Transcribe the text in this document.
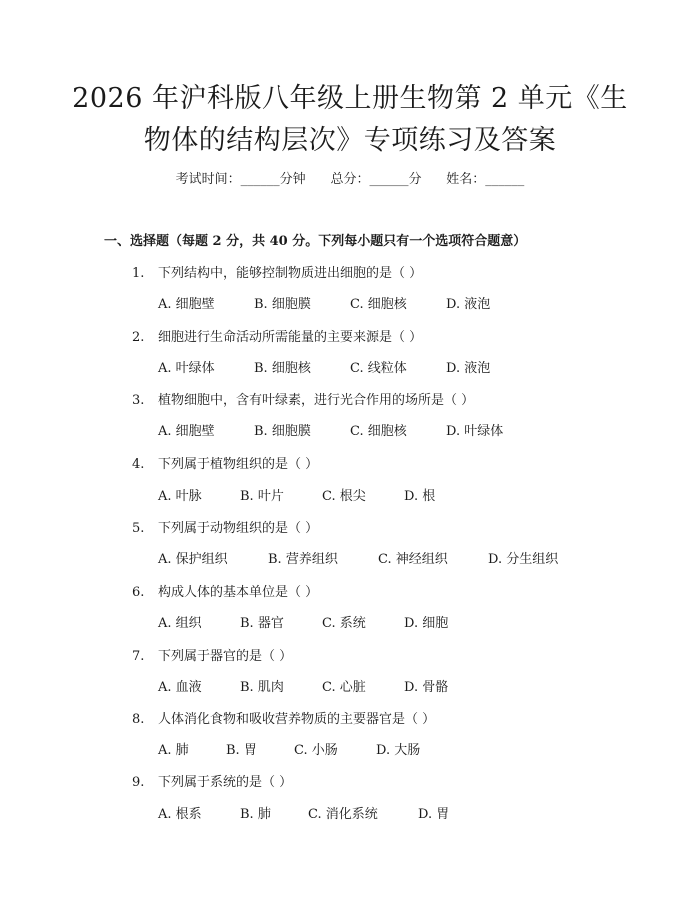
2026 年沪科版八年级上册生物第 2 单元《生
物体的结构层次》专项练习及答案
考试时间：______分钟 总分：______分 姓名：______
一、选择题（每题 2 分，共 40 分。下列每小题只有一个选项符合题意）
1. 下列结构中，能够控制物质进出细胞的是（ ）
A. 细胞壁	B. 细胞膜	C. 细胞核	D. 液泡
2. 细胞进行生命活动所需能量的主要来源是（ ）
A. 叶绿体	B. 细胞核	C. 线粒体	D. 液泡
3. 植物细胞中，含有叶绿素，进行光合作用的场所是（ ）
A. 细胞壁	B. 细胞膜	C. 细胞核	D. 叶绿体
4. 下列属于植物组织的是（ ）
A. 叶脉	B. 叶片	C. 根尖	D. 根
5. 下列属于动物组织的是（ ）
A. 保护组织	B. 营养组织	C. 神经组织	D. 分生组织
6. 构成人体的基本单位是（ ）
A. 组织	B. 器官	C. 系统	D. 细胞
7. 下列属于器官的是（ ）
A. 血液	B. 肌肉	C. 心脏	D. 骨骼
8. 人体消化食物和吸收营养物质的主要器官是（ ）
A. 肺	B. 胃	C. 小肠	D. 大肠
9. 下列属于系统的是（ ）
A. 根系	B. 肺	C. 消化系统	D. 胃
